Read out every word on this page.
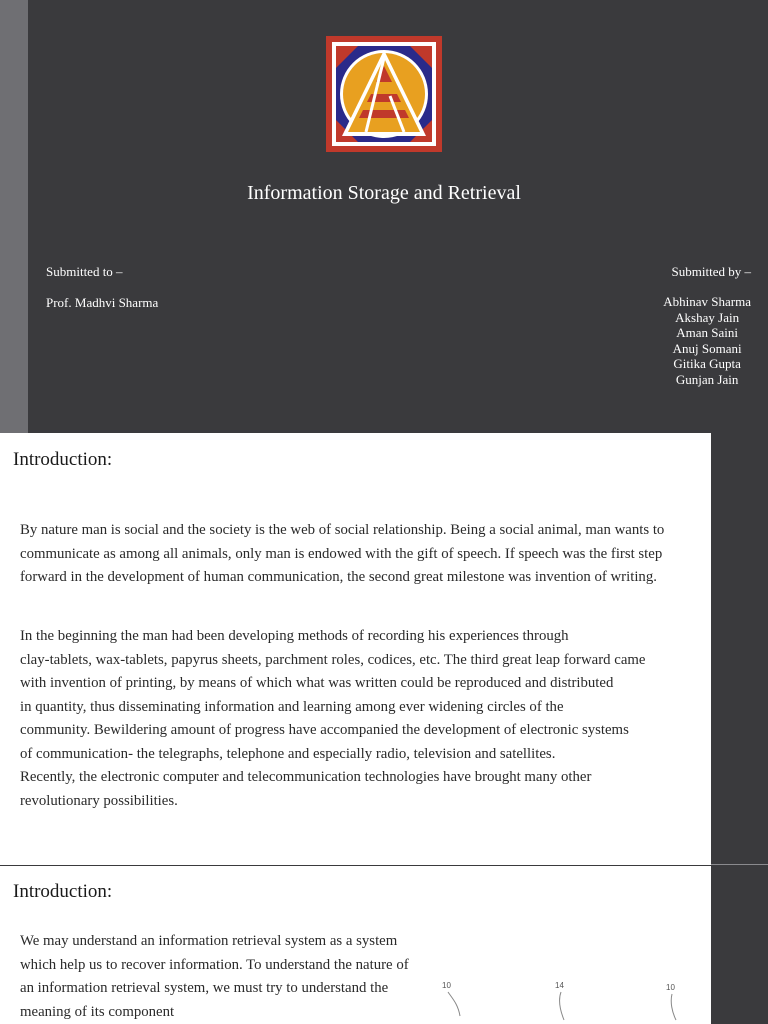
Information Storage and Retrieval
Submitted to –
Prof. Madhvi Sharma
Submitted by –
Abhinav Sharma
Akshay Jain
Aman Saini
Anuj Somani
Gitika Gupta
Gunjan Jain
Introduction:

By nature man is social and the society is the web of social relationship. Being a social animal, man wants to communicate as among all animals, only man is endowed with the gift of speech. If speech was the first step forward in the development of human communication, the second great milestone was invention of writing.

In the beginning the man had been developing methods of recording his experiences through
clay-tablets, wax-tablets, papyrus sheets, parchment roles, codices, etc. The third great leap forward came
with invention of printing, by means of which what was written could be reproduced and distributed
in quantity, thus disseminating information and learning among ever widening circles of the
community. Bewildering amount of progress have accompanied the development of electronic systems
of communication- the telegraphs, telephone and especially radio, television and satellites.
Recently, the electronic computer and telecommunication technologies have brought many other
revolutionary possibilities.
Introduction:

We may understand an information retrieval system as a system which help us to recover information. To understand the nature of an information retrieval system, we must try to understand the meaning of its component

10	14	10
